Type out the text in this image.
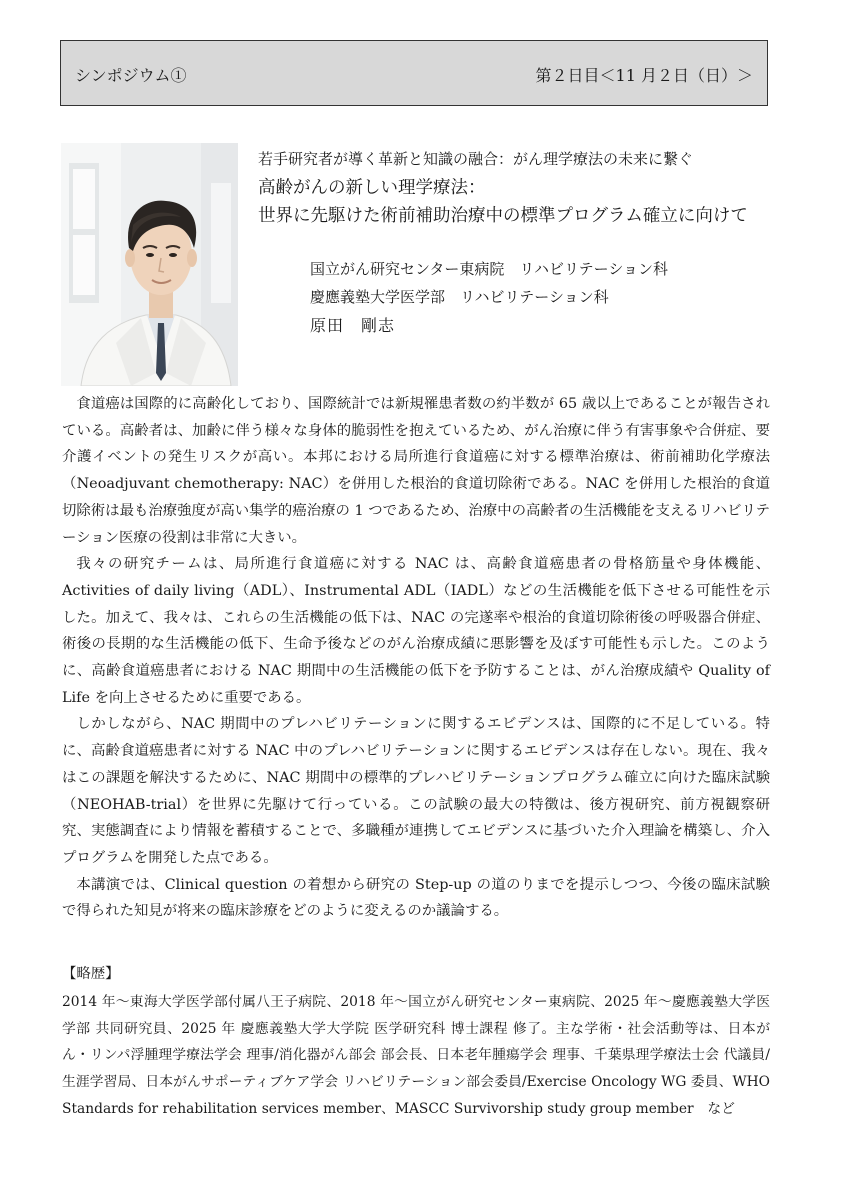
シンポジウム①	第２日目＜11 月２日（日）＞
若手研究者が導く革新と知識の融合：がん理学療法の未来に繋ぐ
高齢がんの新しい理学療法：
世界に先駆けた術前補助治療中の標準プログラム確立に向けて
国立がん研究センター東病院　リハビリテーション科
慶應義塾大学医学部　リハビリテーション科
原田　剛志

食道癌は国際的に高齢化しており、国際統計では新規罹患者数の約半数が 65 歳以上であることが報告されている。高齢者は、加齢に伴う様々な身体的脆弱性を抱えているため、がん治療に伴う有害事象や合併症、要介護イベントの発生リスクが高い。本邦における局所進行食道癌に対する標準治療は、術前補助化学療法（Neoadjuvant chemotherapy: NAC）を併用した根治的食道切除術である。NAC を併用した根治的食道切除術は最も治療強度が高い集学的癌治療の 1 つであるため、治療中の高齢者の生活機能を支えるリハビリテーション医療の役割は非常に大きい。

我々の研究チームは、局所進行食道癌に対する NAC は、高齢食道癌患者の骨格筋量や身体機能、Activities of daily living（ADL）、Instrumental ADL（IADL）などの生活機能を低下させる可能性を示した。加えて、我々は、これらの生活機能の低下は、NAC の完遂率や根治的食道切除術後の呼吸器合併症、術後の長期的な生活機能の低下、生命予後などのがん治療成績に悪影響を及ぼす可能性も示した。このように、高齢食道癌患者における NAC 期間中の生活機能の低下を予防することは、がん治療成績や Quality of Life を向上させるために重要である。

しかしながら、NAC 期間中のプレハビリテーションに関するエビデンスは、国際的に不足している。特に、高齢食道癌患者に対する NAC 中のプレハビリテーションに関するエビデンスは存在しない。現在、我々はこの課題を解決するために、NAC 期間中の標準的プレハビリテーションプログラム確立に向けた臨床試験（NEOHAB-trial）を世界に先駆けて行っている。この試験の最大の特徴は、後方視研究、前方視観察研究、実態調査により情報を蓄積することで、多職種が連携してエビデンスに基づいた介入理論を構築し、介入プログラムを開発した点である。

本講演では、Clinical question の着想から研究の Step-up の道のりまでを提示しつつ、今後の臨床試験で得られた知見が将来の臨床診療をどのように変えるのか議論する。

【略歴】

2014 年〜東海大学医学部付属八王子病院、2018 年〜国立がん研究センター東病院、2025 年〜慶應義塾大学医学部 共同研究員、2025 年 慶應義塾大学大学院 医学研究科 博士課程 修了。主な学術・社会活動等は、日本がん・リンパ浮腫理学療法学会 理事/消化器がん部会 部会長、日本老年腫瘍学会 理事、千葉県理学療法士会 代議員/生涯学習局、日本がんサポーティブケア学会 リハビリテーション部会委員/Exercise Oncology WG 委員、WHO Standards for rehabilitation services member、MASCC Survivorship study group member　など
